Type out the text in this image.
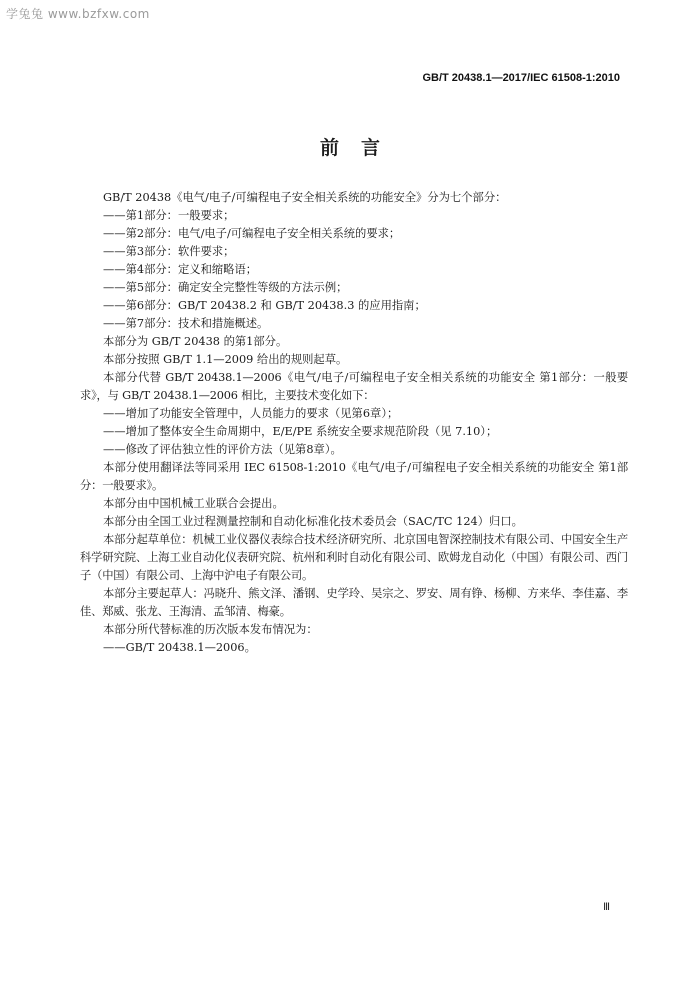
学兔兔 www.bzfxw.com
GB/T 20438.1—2017/IEC 61508-1:2010
前言

GB/T 20438《电气/电子/可编程电子安全相关系统的功能安全》分为七个部分：

——第1部分：一般要求；

——第2部分：电气/电子/可编程电子安全相关系统的要求；

——第3部分：软件要求；

——第4部分：定义和缩略语；

——第5部分：确定安全完整性等级的方法示例；

——第6部分：GB/T 20438.2 和 GB/T 20438.3 的应用指南；

——第7部分：技术和措施概述。

本部分为 GB/T 20438 的第1部分。

本部分按照 GB/T 1.1—2009 给出的规则起草。

本部分代替 GB/T 20438.1—2006《电气/电子/可编程电子安全相关系统的功能安全 第1部分：一般要求》，与 GB/T 20438.1—2006 相比，主要技术变化如下：

——增加了功能安全管理中，人员能力的要求（见第6章）；

——增加了整体安全生命周期中，E/E/PE 系统安全要求规范阶段（见 7.10）；

——修改了评估独立性的评价方法（见第8章）。

本部分使用翻译法等同采用 IEC 61508-1:2010《电气/电子/可编程电子安全相关系统的功能安全 第1部分：一般要求》。

本部分由中国机械工业联合会提出。

本部分由全国工业过程测量控制和自动化标准化技术委员会（SAC/TC 124）归口。

本部分起草单位：机械工业仪器仪表综合技术经济研究所、北京国电智深控制技术有限公司、中国安全生产科学研究院、上海工业自动化仪表研究院、杭州和利时自动化有限公司、欧姆龙自动化（中国）有限公司、西门子（中国）有限公司、上海中沪电子有限公司。

本部分主要起草人：冯晓升、熊文泽、潘钢、史学玲、吴宗之、罗安、周有铮、杨柳、方来华、李佳嘉、李佳、郑威、张龙、王海清、孟邹清、梅豪。

本部分所代替标准的历次版本发布情况为：

——GB/T 20438.1—2006。

Ⅲ
